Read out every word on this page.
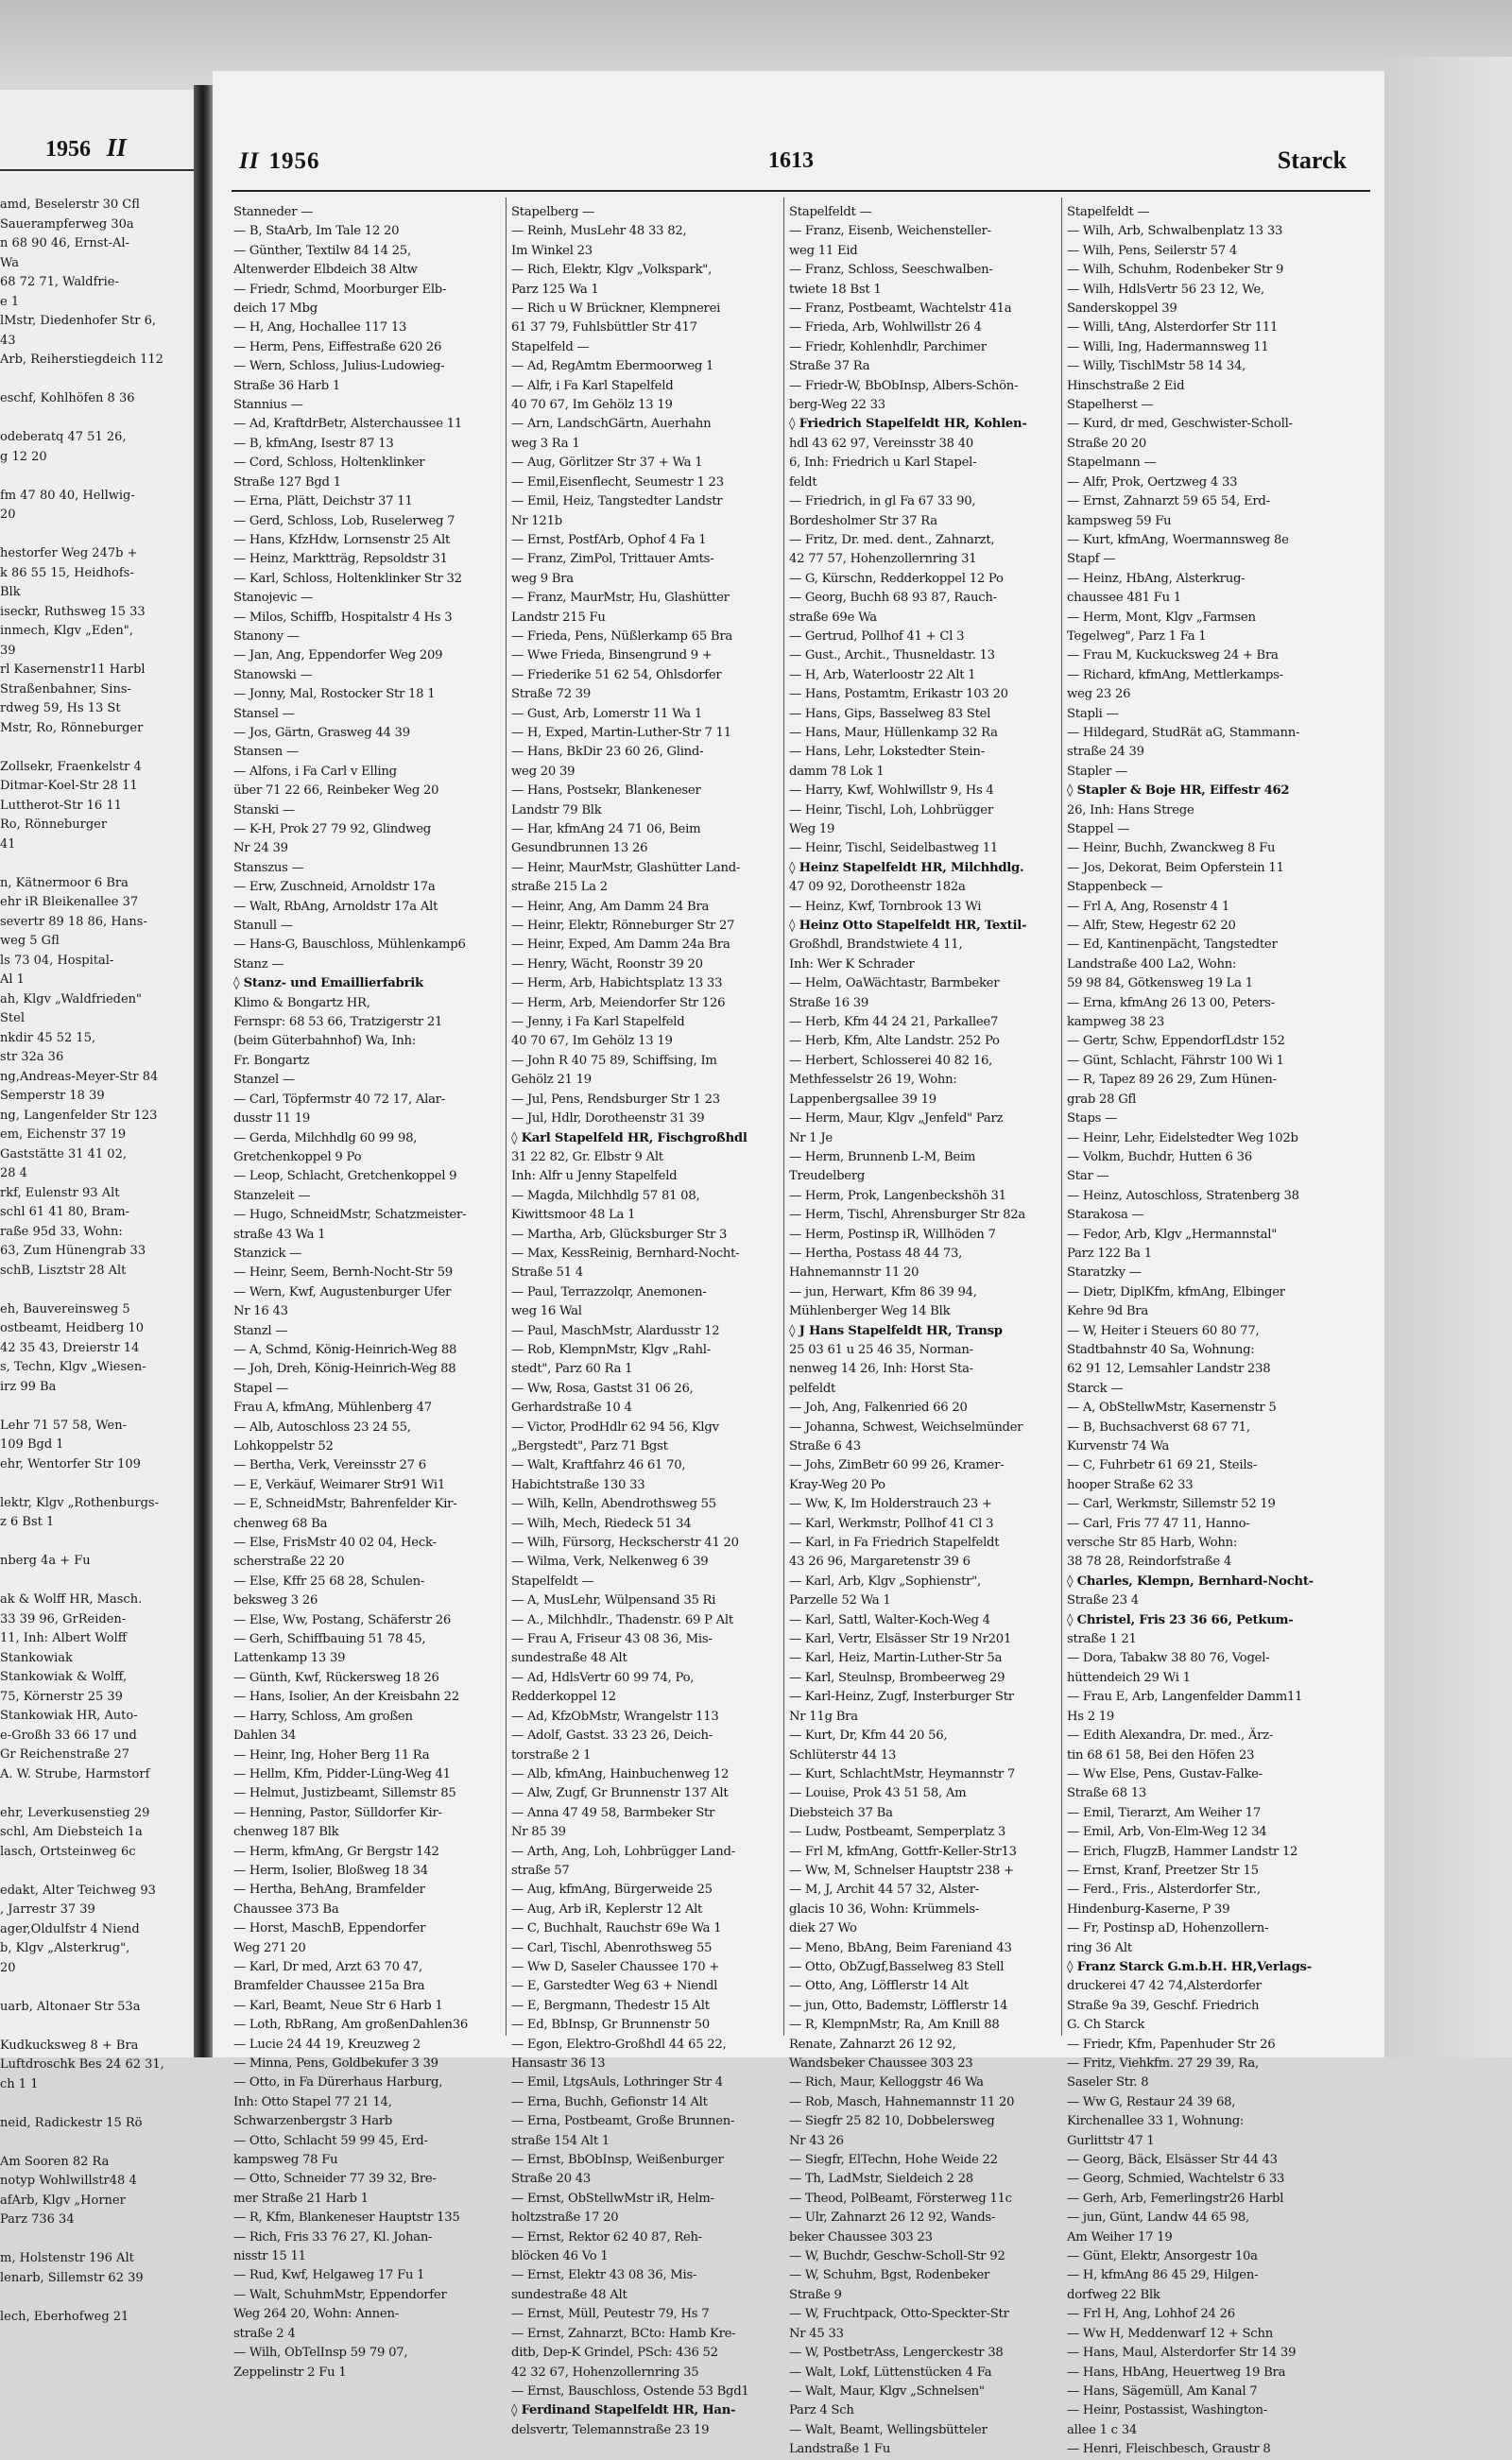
1956 II
amd, Beselerstr 30 Cfl
Sauerampferweg 30a
n 68 90 46, Ernst-Al-
Wa
68 72 71, Waldfrie-
e 1
lMstr, Diedenhofer Str 6,
43
Arb, Reiherstiegdeich 112

eschf, Kohlhöfen 8 36

odeberatq 47 51 26,
g 12 20

fm 47 80 40, Hellwig-
20

hestorfer Weg 247b +
k 86 55 15, Heidhofs-
Blk
iseckr, Ruthsweg 15 33
inmech, Klgv „Eden",
39
rl Kasernenstr11 Harbl
Straßenbahner, Sins-
rdweg 59, Hs 13 St
Mstr, Ro, Rönneburger

Zollsekr, Fraenkelstr 4
Ditmar-Koel-Str 28 11
Luttherot-Str 16 11
Ro, Rönneburger
41

n, Kätnermoor 6 Bra
ehr iR Bleikenallee 37
severtr 89 18 86, Hans-
weg 5 Gfl
ls 73 04, Hospital-
Al 1
ah, Klgv „Waldfrieden"
Stel
nkdir 45 52 15,
str 32a 36
ng,Andreas-Meyer-Str 84
Semperstr 18 39
ng, Langenfelder Str 123
em, Eichenstr 37 19
Gaststätte 31 41 02,
28 4
rkf, Eulenstr 93 Alt
schl 61 41 80, Bram-
raße 95d 33, Wohn:
63, Zum Hünengrab 33
schB, Lisztstr 28 Alt

eh, Bauvereinsweg 5
ostbeamt, Heidberg 10
42 35 43, Dreierstr 14
s, Techn, Klgv „Wiesen-
irz 99 Ba

Lehr 71 57 58, Wen-
109 Bgd 1
ehr, Wentorfer Str 109

lektr, Klgv „Rothenburgs-
z 6 Bst 1

nberg 4a + Fu

ak & Wolff HR, Masch.
33 39 96, GrReiden-
11, Inh: Albert Wolff
Stankowiak
Stankowiak & Wolff,
75, Körnerstr 25 39
Stankowiak HR, Auto-
e-Großh 33 66 17 und
Gr Reichenstraße 27
A. W. Strube, Harmstorf

ehr, Leverkusenstieg 29
schl, Am Diebsteich 1a
lasch, Ortsteinweg 6c

edakt, Alter Teichweg 93
, Jarrestr 37 39
ager,Oldulfstr 4 Niend
b, Klgv „Alsterkrug",
20

uarb, Altonaer Str 53a

Kudkucksweg 8 + Bra
Luftdroschk Bes 24 62 31,
ch 1 1

neid, Radickestr 15 Rö

Am Sooren 82 Ra
notyp Wohlwillstr48 4
afArb, Klgv „Horner
Parz 736 34

m, Holstenstr 196 Alt
lenarb, Sillemstr 62 39

lech, Eberhofweg 21
II 1956	1613	Starck
Stanneder —
— B, StaArb, Im Tale 12 20
— Günther, Textilw 84 14 25,
Altenwerder Elbdeich 38 Altw
— Friedr, Schmd, Moorburger Elb-
deich 17 Mbg
— H, Ang, Hochallee 117 13
— Herm, Pens, Eiffestraße 620 26
— Wern, Schloss, Julius-Ludowieg-
Straße 36 Harb 1
Stannius —
— Ad, KraftdrBetr, Alsterchaussee 11
— B, kfmAng, Isestr 87 13
— Cord, Schloss, Holtenklinker
Straße 127 Bgd 1
— Erna, Plätt, Deichstr 37 11
— Gerd, Schloss, Lob, Ruselerweg 7
— Hans, KfzHdw, Lornsenstr 25 Alt
— Heinz, Marktträg, Repsoldstr 31
— Karl, Schloss, Holtenklinker Str 32
Stanojevic —
— Milos, Schiffb, Hospitalstr 4 Hs 3
Stanony —
— Jan, Ang, Eppendorfer Weg 209
Stanowski —
— Jonny, Mal, Rostocker Str 18 1
Stansel —
— Jos, Gärtn, Grasweg 44 39
Stansen —
— Alfons, i Fa Carl v Elling
über 71 22 66, Reinbeker Weg 20
Stanski —
— K-H, Prok 27 79 92, Glindweg
Nr 24 39
Stanszus —
— Erw, Zuschneid, Arnoldstr 17a
— Walt, RbAng, Arnoldstr 17a Alt
Stanull —
— Hans-G, Bauschloss, Mühlenkamp6
Stanz —
◊ Stanz- und Emaillierfabrik
Klimo & Bongartz HR,
Fernspr: 68 53 66, Tratzigerstr 21
(beim Güterbahnhof) Wa, Inh:
Fr. Bongartz
Stanzel —
— Carl, Töpfermstr 40 72 17, Alar-
dusstr 11 19
— Gerda, Milchhdlg 60 99 98,
Gretchenkoppel 9 Po
— Leop, Schlacht, Gretchenkoppel 9
Stanzeleit —
— Hugo, SchneidMstr, Schatzmeister-
straße 43 Wa 1
Stanzick —
— Heinr, Seem, Bernh-Nocht-Str 59
— Wern, Kwf, Augustenburger Ufer
Nr 16 43
Stanzl —
— A, Schmd, König-Heinrich-Weg 88
— Joh, Dreh, König-Heinrich-Weg 88
Stapel —
Frau A, kfmAng, Mühlenberg 47
— Alb, Autoschloss 23 24 55,
Lohkoppelstr 52
— Bertha, Verk, Vereinsstr 27 6
— E, Verkäuf, Weimarer Str91 Wi1
— E, SchneidMstr, Bahrenfelder Kir-
chenweg 68 Ba
— Else, FrisMstr 40 02 04, Heck-
scherstraße 22 20
— Else, Kffr 25 68 28, Schulen-
beksweg 3 26
— Else, Ww, Postang, Schäferstr 26
— Gerh, Schiffbauing 51 78 45,
Lattenkamp 13 39
— Günth, Kwf, Rückersweg 18 26
— Hans, Isolier, An der Kreisbahn 22
— Harry, Schloss, Am großen
Dahlen 34
— Heinr, Ing, Hoher Berg 11 Ra
— Hellm, Kfm, Pidder-Lüng-Weg 41
— Helmut, Justizbeamt, Sillemstr 85
— Henning, Pastor, Sülldorfer Kir-
chenweg 187 Blk
— Herm, kfmAng, Gr Bergstr 142
— Herm, Isolier, Bloßweg 18 34
— Hertha, BehAng, Bramfelder
Chaussee 373 Ba
— Horst, MaschB, Eppendorfer
Weg 271 20
— Karl, Dr med, Arzt 63 70 47,
Bramfelder Chaussee 215a Bra
— Karl, Beamt, Neue Str 6 Harb 1
— Loth, RbRang, Am großenDahlen36
— Lucie 24 44 19, Kreuzweg 2
— Minna, Pens, Goldbekufer 3 39
— Otto, in Fa Dürerhaus Harburg,
Inh: Otto Stapel 77 21 14,
Schwarzenbergstr 3 Harb
— Otto, Schlacht 59 99 45, Erd-
kampsweg 78 Fu
— Otto, Schneider 77 39 32, Bre-
mer Straße 21 Harb 1
— R, Kfm, Blankeneser Hauptstr 135
— Rich, Fris 33 76 27, Kl. Johan-
nisstr 15 11
— Rud, Kwf, Helgaweg 17 Fu 1
— Walt, SchuhmMstr, Eppendorfer
Weg 264 20, Wohn: Annen-
straße 2 4
— Wilh, ObTelInsp 59 79 07,
Zeppelinstr 2 Fu 1
Stapelberg —
— Reinh, MusLehr 48 33 82,
Im Winkel 23
— Rich, Elektr, Klgv „Volkspark",
Parz 125 Wa 1
— Rich u W Brückner, Klempnerei
61 37 79, Fuhlsbüttler Str 417
Stapelfeld —
— Ad, RegAmtm Ebermoorweg 1
— Alfr, i Fa Karl Stapelfeld
40 70 67, Im Gehölz 13 19
— Arn, LandschGärtn, Auerhahn
weg 3 Ra 1
— Aug, Görlitzer Str 37 + Wa 1
— Emil,Eisenflecht, Seumestr 1 23
— Emil, Heiz, Tangstedter Landstr
Nr 121b
— Ernst, PostfArb, Ophof 4 Fa 1
— Franz, ZimPol, Trittauer Amts-
weg 9 Bra
— Franz, MaurMstr, Hu, Glashütter
Landstr 215 Fu
— Frieda, Pens, Nüßlerkamp 65 Bra
— Wwe Frieda, Binsengrund 9 +
— Friederike 51 62 54, Ohlsdorfer
Straße 72 39
— Gust, Arb, Lomerstr 11 Wa 1
— H, Exped, Martin-Luther-Str 7 11
— Hans, BkDir 23 60 26, Glind-
weg 20 39
— Hans, Postsekr, Blankeneser
Landstr 79 Blk
— Har, kfmAng 24 71 06, Beim
Gesundbrunnen 13 26
— Heinr, MaurMstr, Glashütter Land-
straße 215 La 2
— Heinr, Ang, Am Damm 24 Bra
— Heinr, Elektr, Rönneburger Str 27
— Heinr, Exped, Am Damm 24a Bra
— Henry, Wächt, Roonstr 39 20
— Herm, Arb, Habichtsplatz 13 33
— Herm, Arb, Meiendorfer Str 126
— Jenny, i Fa Karl Stapelfeld
40 70 67, Im Gehölz 13 19
— John R 40 75 89, Schiffsing, Im
Gehölz 21 19
— Jul, Pens, Rendsburger Str 1 23
— Jul, Hdlr, Dorotheenstr 31 39
◊ Karl Stapelfeld HR, Fischgroßhdl
31 22 82, Gr. Elbstr 9 Alt
Inh: Alfr u Jenny Stapelfeld
— Magda, Milchhdlg 57 81 08,
Kiwittsmoor 48 La 1
— Martha, Arb, Glücksburger Str 3
— Max, KessReinig, Bernhard-Nocht-
Straße 51 4
— Paul, Terrazzolqr, Anemonen-
weg 16 Wal
— Paul, MaschMstr, Alardusstr 12
— Rob, KlempnMstr, Klgv „Rahl-
stedt", Parz 60 Ra 1
— Ww, Rosa, Gastst 31 06 26,
Gerhardstraße 10 4
— Victor, ProdHdlr 62 94 56, Klgv
„Bergstedt", Parz 71 Bgst
— Walt, Kraftfahrz 46 61 70,
Habichtstraße 130 33
— Wilh, Kelln, Abendrothsweg 55
— Wilh, Mech, Riedeck 51 34
— Wilh, Fürsorg, Heckscherstr 41 20
— Wilma, Verk, Nelkenweg 6 39
Stapelfeldt —
— A, MusLehr, Wülpensand 35 Ri
— A., Milchhdlr., Thadenstr. 69 P Alt
— Frau A, Friseur 43 08 36, Mis-
sundestraße 48 Alt
— Ad, HdlsVertr 60 99 74, Po,
Redderkoppel 12
— Ad, KfzObMstr, Wrangelstr 113
— Adolf, Gastst. 33 23 26, Deich-
torstraße 2 1
— Alb, kfmAng, Hainbuchenweg 12
— Alw, Zugf, Gr Brunnenstr 137 Alt
— Anna 47 49 58, Barmbeker Str
Nr 85 39
— Arth, Ang, Loh, Lohbrügger Land-
straße 57
— Aug, kfmAng, Bürgerweide 25
— Aug, Arb iR, Keplerstr 12 Alt
— C, Buchhalt, Rauchstr 69e Wa 1
— Carl, Tischl, Abenrothsweg 55
— Ww D, Saseler Chaussee 170 +
— E, Garstedter Weg 63 + Niendl
— E, Bergmann, Thedestr 15 Alt
— Ed, BbInsp, Gr Brunnenstr 50
— Egon, Elektro-Großhdl 44 65 22,
Hansastr 36 13
— Emil, LtgsAuls, Lothringer Str 4
— Erna, Buchh, Gefionstr 14 Alt
— Erna, Postbeamt, Große Brunnen-
straße 154 Alt 1
— Ernst, BbObInsp, Weißenburger
Straße 20 43
— Ernst, ObStellwMstr iR, Helm-
holtzstraße 17 20
— Ernst, Rektor 62 40 87, Reh-
blöcken 46 Vo 1
— Ernst, Elektr 43 08 36, Mis-
sundestraße 48 Alt
— Ernst, Müll, Peutestr 79, Hs 7
— Ernst, Zahnarzt, BCto: Hamb Kre-
ditb, Dep-K Grindel, PSch: 436 52
42 32 67, Hohenzollernring 35
— Ernst, Bauschloss, Ostende 53 Bgd1
◊ Ferdinand Stapelfeldt HR, Han-
delsvertr, Telemannstraße 23 19
Stapelfeldt —
— Franz, Eisenb, Weichensteller-
weg 11 Eid
— Franz, Schloss, Seeschwalben-
twiete 18 Bst 1
— Franz, Postbeamt, Wachtelstr 41a
— Frieda, Arb, Wohlwillstr 26 4
— Friedr, Kohlenhdlr, Parchimer
Straße 37 Ra
— Friedr-W, BbObInsp, Albers-Schön-
berg-Weg 22 33
◊ Friedrich Stapelfeldt HR, Kohlen-
hdl 43 62 97, Vereinsstr 38 40
6, Inh: Friedrich u Karl Stapel-
feldt
— Friedrich, in gl Fa 67 33 90,
Bordesholmer Str 37 Ra
— Fritz, Dr. med. dent., Zahnarzt,
42 77 57, Hohenzollernring 31
— G, Kürschn, Redderkoppel 12 Po
— Georg, Buchh 68 93 87, Rauch-
straße 69e Wa
— Gertrud, Pollhof 41 + Cl 3
— Gust., Archit., Thusneldastr. 13
— H, Arb, Waterloostr 22 Alt 1
— Hans, Postamtm, Erikastr 103 20
— Hans, Gips, Basselweg 83 Stel
— Hans, Maur, Hüllenkamp 32 Ra
— Hans, Lehr, Lokstedter Stein-
damm 78 Lok 1
— Harry, Kwf, Wohlwillstr 9, Hs 4
— Heinr, Tischl, Loh, Lohbrügger
Weg 19
— Heinr, Tischl, Seidelbastweg 11
◊ Heinz Stapelfeldt HR, Milchhdlg.
47 09 92, Dorotheenstr 182a
— Heinz, Kwf, Tornbrook 13 Wi
◊ Heinz Otto Stapelfeldt HR, Textil-
Großhdl, Brandstwiete 4 11,
Inh: Wer K Schrader
— Helm, OaWächtastr, Barmbeker
Straße 16 39
— Herb, Kfm 44 24 21, Parkallee7
— Herb, Kfm, Alte Landstr. 252 Po
— Herbert, Schlosserei 40 82 16,
Methfesselstr 26 19, Wohn:
Lappenbergsallee 39 19
— Herm, Maur, Klgv „Jenfeld" Parz
Nr 1 Je
— Herm, Brunnenb L-M, Beim
Treudelberg
— Herm, Prok, Langenbeckshöh 31
— Herm, Tischl, Ahrensburger Str 82a
— Herm, Postinsp iR, Willhöden 7
— Hertha, Postass 48 44 73,
Hahnemannstr 11 20
— jun, Herwart, Kfm 86 39 94,
Mühlenberger Weg 14 Blk
◊ J Hans Stapelfeldt HR, Transp
25 03 61 u 25 46 35, Norman-
nenweg 14 26, Inh: Horst Sta-
pelfeldt
— Joh, Ang, Falkenried 66 20
— Johanna, Schwest, Weichselmünder
Straße 6 43
— Johs, ZimBetr 60 99 26, Kramer-
Kray-Weg 20 Po
— Ww, K, Im Holderstrauch 23 +
— Karl, Werkmstr, Pollhof 41 Cl 3
— Karl, in Fa Friedrich Stapelfeldt
43 26 96, Margaretenstr 39 6
— Karl, Arb, Klgv „Sophienstr",
Parzelle 52 Wa 1
— Karl, Sattl, Walter-Koch-Weg 4
— Karl, Vertr, Elsässer Str 19 Nr201
— Karl, Heiz, Martin-Luther-Str 5a
— Karl, Steulnsp, Brombeerweg 29
— Karl-Heinz, Zugf, Insterburger Str
Nr 11g Bra
— Kurt, Dr, Kfm 44 20 56,
Schlüterstr 44 13
— Kurt, SchlachtMstr, Heymannstr 7
— Louise, Prok 43 51 58, Am
Diebsteich 37 Ba
— Ludw, Postbeamt, Semperplatz 3
— Frl M, kfmAng, Gottfr-Keller-Str13
— Ww, M, Schnelser Hauptstr 238 +
— M, J, Archit 44 57 32, Alster-
glacis 10 36, Wohn: Krümmels-
diek 27 Wo
— Meno, BbAng, Beim Fareniand 43
— Otto, ObZugf,Basselweg 83 Stell
— Otto, Ang, Löfflerstr 14 Alt
— jun, Otto, Bademstr, Löfflerstr 14
— R, KlempnMstr, Ra, Am Knill 88
Renate, Zahnarzt 26 12 92,
Wandsbeker Chaussee 303 23
— Rich, Maur, Kelloggstr 46 Wa
— Rob, Masch, Hahnemannstr 11 20
— Siegfr 25 82 10, Dobbelersweg
Nr 43 26
— Siegfr, ElTechn, Hohe Weide 22
— Th, LadMstr, Sieldeich 2 28
— Theod, PolBeamt, Försterweg 11c
— Ulr, Zahnarzt 26 12 92, Wands-
beker Chaussee 303 23
— W, Buchdr, Geschw-Scholl-Str 92
— W, Schuhm, Bgst, Rodenbeker
Straße 9
— W, Fruchtpack, Otto-Speckter-Str
Nr 45 33
— W, PostbetrAss, Lengerckestr 38
— Walt, Lokf, Lüttenstücken 4 Fa
— Walt, Maur, Klgv „Schnelsen"
Parz 4 Sch
— Walt, Beamt, Wellingsbütteler
Landstraße 1 Fu
Stapelfeldt —
— Wilh, Arb, Schwalbenplatz 13 33
— Wilh, Pens, Seilerstr 57 4
— Wilh, Schuhm, Rodenbeker Str 9
— Wilh, HdlsVertr 56 23 12, We,
Sanderskoppel 39
— Willi, tAng, Alsterdorfer Str 111
— Willi, Ing, Hadermannsweg 11
— Willy, TischlMstr 58 14 34,
Hinschstraße 2 Eid
Stapelherst —
— Kurd, dr med, Geschwister-Scholl-
Straße 20 20
Stapelmann —
— Alfr, Prok, Oertzweg 4 33
— Ernst, Zahnarzt 59 65 54, Erd-
kampsweg 59 Fu
— Kurt, kfmAng, Woermannsweg 8e
Stapf —
— Heinz, HbAng, Alsterkrug-
chaussee 481 Fu 1
— Herm, Mont, Klgv „Farmsen
Tegelweg", Parz 1 Fa 1
— Frau M, Kuckucksweg 24 + Bra
— Richard, kfmAng, Mettlerkamps-
weg 23 26
Stapli —
— Hildegard, StudRät aG, Stammann-
straße 24 39
Stapler —
◊ Stapler & Boje HR, Eiffestr 462
26, Inh: Hans Strege
Stappel —
— Heinr, Buchh, Zwanckweg 8 Fu
— Jos, Dekorat, Beim Opferstein 11
Stappenbeck —
— Frl A, Ang, Rosenstr 4 1
— Alfr, Stew, Hegestr 62 20
— Ed, Kantinenpächt, Tangstedter
Landstraße 400 La2, Wohn:
59 98 84, Götkensweg 19 La 1
— Erna, kfmAng 26 13 00, Peters-
kampweg 38 23
— Gertr, Schw, EppendorfLdstr 152
— Günt, Schlacht, Fährstr 100 Wi 1
— R, Tapez 89 26 29, Zum Hünen-
grab 28 Gfl
Staps —
— Heinr, Lehr, Eidelstedter Weg 102b
— Volkm, Buchdr, Hutten 6 36
Star —
— Heinz, Autoschloss, Stratenberg 38
Starakosa —
— Fedor, Arb, Klgv „Hermannstal"
Parz 122 Ba 1
Staratzky —
— Dietr, DiplKfm, kfmAng, Elbinger
Kehre 9d Bra
— W, Heiter i Steuers 60 80 77,
Stadtbahnstr 40 Sa, Wohnung:
62 91 12, Lemsahler Landstr 238
Starck —
— A, ObStellwMstr, Kasernenstr 5
— B, Buchsachverst 68 67 71,
Kurvenstr 74 Wa
— C, Fuhrbetr 61 69 21, Steils-
hooper Straße 62 33
— Carl, Werkmstr, Sillemstr 52 19
— Carl, Fris 77 47 11, Hanno-
versche Str 85 Harb, Wohn:
38 78 28, Reindorfstraße 4
◊ Charles, Klempn, Bernhard-Nocht-
Straße 23 4
◊ Christel, Fris 23 36 66, Petkum-
straße 1 21
— Dora, Tabakw 38 80 76, Vogel-
hüttendeich 29 Wi 1
— Frau E, Arb, Langenfelder Damm11
Hs 2 19
— Edith Alexandra, Dr. med., Ärz-
tin 68 61 58, Bei den Höfen 23
— Ww Else, Pens, Gustav-Falke-
Straße 68 13
— Emil, Tierarzt, Am Weiher 17
— Emil, Arb, Von-Elm-Weg 12 34
— Erich, FlugzB, Hammer Landstr 12
— Ernst, Kranf, Preetzer Str 15
— Ferd., Fris., Alsterdorfer Str.,
Hindenburg-Kaserne, P 39
— Fr, Postinsp aD, Hohenzollern-
ring 36 Alt
◊ Franz Starck G.m.b.H. HR,Verlags-
druckerei 47 42 74,Alsterdorfer
Straße 9a 39, Geschf. Friedrich
G. Ch Starck
— Friedr, Kfm, Papenhuder Str 26
— Fritz, Viehkfm. 27 29 39, Ra,
Saseler Str. 8
— Ww G, Restaur 24 39 68,
Kirchenallee 33 1, Wohnung:
Gurlittstr 47 1
— Georg, Bäck, Elsässer Str 44 43
— Georg, Schmied, Wachtelstr 6 33
— Gerh, Arb, Femerlingstr26 Harbl
— jun, Günt, Landw 44 65 98,
Am Weiher 17 19
— Günt, Elektr, Ansorgestr 10a
— H, kfmAng 86 45 29, Hilgen-
dorfweg 22 Blk
— Frl H, Ang, Lohhof 24 26
— Ww H, Meddenwarf 12 + Schn
— Hans, Maul, Alsterdorfer Str 14 39
— Hans, HbAng, Heuertweg 19 Bra
— Hans, Sägemüll, Am Kanal 7
— Heinr, Postassist, Washington-
allee 1 c 34
— Henri, Fleischbesch, Graustr 8
